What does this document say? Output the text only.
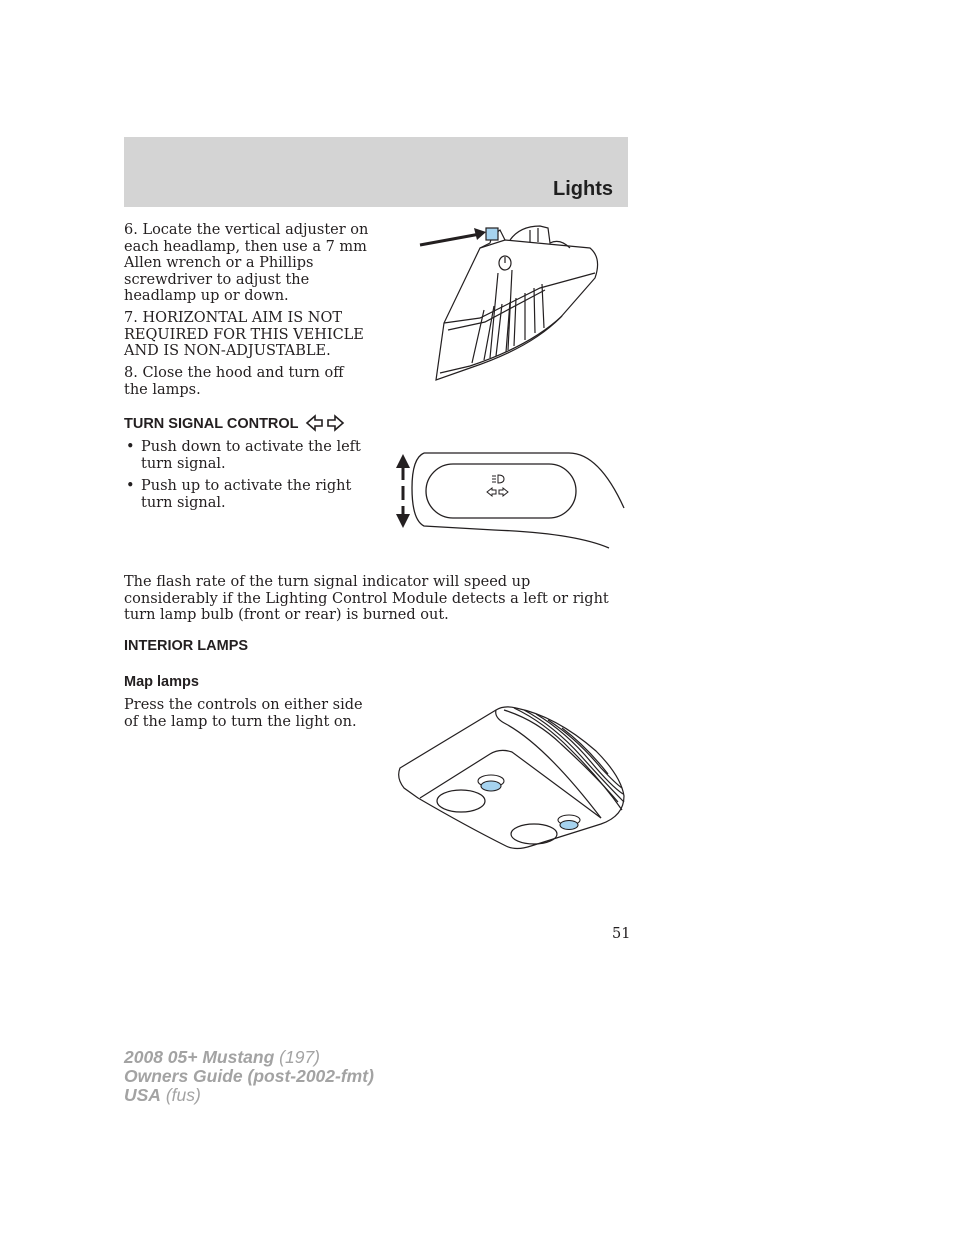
Lights

6. Locate the vertical adjuster on each headlamp, then use a 7 mm Allen wrench or a Phillips screwdriver to adjust the headlamp up or down.

7. HORIZONTAL AIM IS NOT REQUIRED FOR THIS VEHICLE AND IS NON-ADJUSTABLE.

8. Close the hood and turn off the lamps.

TURN SIGNAL CONTROL
• Push down to activate the left turn signal.
• Push up to activate the right turn signal.

The flash rate of the turn signal indicator will speed up considerably if the Lighting Control Module detects a left or right turn lamp bulb (front or rear) is burned out.

INTERIOR LAMPS
Map lamps

Press the controls on either side of the lamp to turn the light on.

51
2008 05+ Mustang (197)
Owners Guide (post-2002-fmt)
USA (fus)
